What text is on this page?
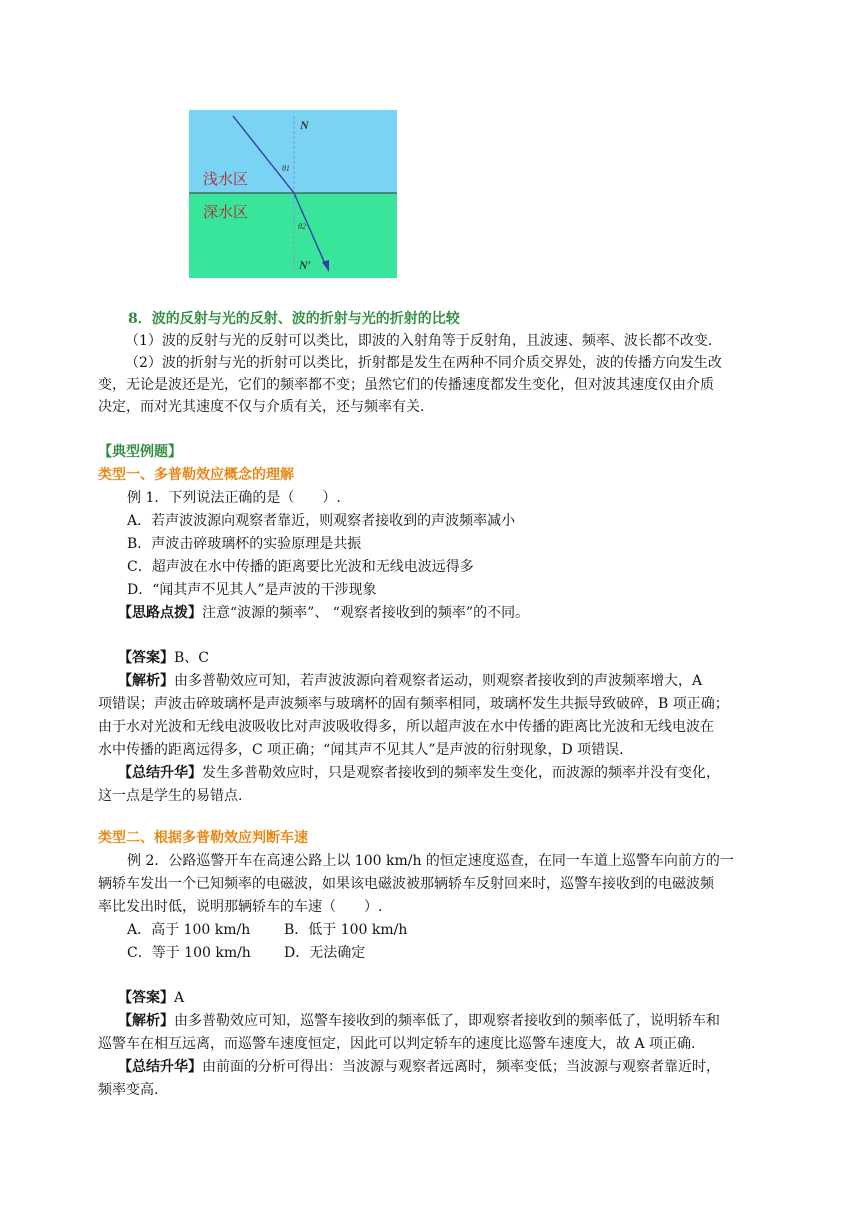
N
N′
θ1
θ2
浅水区
深水区
8．波的反射与光的反射、波的折射与光的折射的比较
（1）波的反射与光的反射可以类比，即波的入射角等于反射角，且波速、频率、波长都不改变.
（2）波的折射与光的折射可以类比，折射都是发生在两种不同介质交界处，波的传播方向发生改
变，无论是波还是光，它们的频率都不变；虽然它们的传播速度都发生变化，但对波其速度仅由介质
决定，而对光其速度不仅与介质有关，还与频率有关.
【典型例题】
类型一、多普勒效应概念的理解
例 1．下列说法正确的是（　　）.
A．若声波波源向观察者靠近，则观察者接收到的声波频率减小
B．声波击碎玻璃杯的实验原理是共振
C．超声波在水中传播的距离要比光波和无线电波远得多
D．“闻其声不见其人”是声波的干涉现象
【思路点拨】注意“波源的频率”、 “观察者接收到的频率”的不同。
【答案】B、C
【解析】由多普勒效应可知，若声波波源向着观察者运动，则观察者接收到的声波频率增大，A
项错误；声波击碎玻璃杯是声波频率与玻璃杯的固有频率相同，玻璃杯发生共振导致破碎，B 项正确；
由于水对光波和无线电波吸收比对声波吸收得多，所以超声波在水中传播的距离比光波和无线电波在
水中传播的距离远得多，C 项正确；“闻其声不见其人”是声波的衍射现象，D 项错误.
【总结升华】发生多普勒效应时，只是观察者接收到的频率发生变化，而波源的频率并没有变化，
这一点是学生的易错点.
类型二、根据多普勒效应判断车速
例 2．公路巡警开车在高速公路上以 100 km/h 的恒定速度巡查，在同一车道上巡警车向前方的一
辆轿车发出一个已知频率的电磁波，如果该电磁波被那辆轿车反射回来时，巡警车接收到的电磁波频
率比发出时低，说明那辆轿车的车速（　　）.
A．高于 100 km/h B．低于 100 km/h
C．等于 100 km/h D．无法确定
【答案】A
【解析】由多普勒效应可知，巡警车接收到的频率低了，即观察者接收到的频率低了，说明轿车和
巡警车在相互远离，而巡警车速度恒定，因此可以判定轿车的速度比巡警车速度大，故 A 项正确.
【总结升华】由前面的分析可得出：当波源与观察者远离时，频率变低；当波源与观察者靠近时，
频率变高.
